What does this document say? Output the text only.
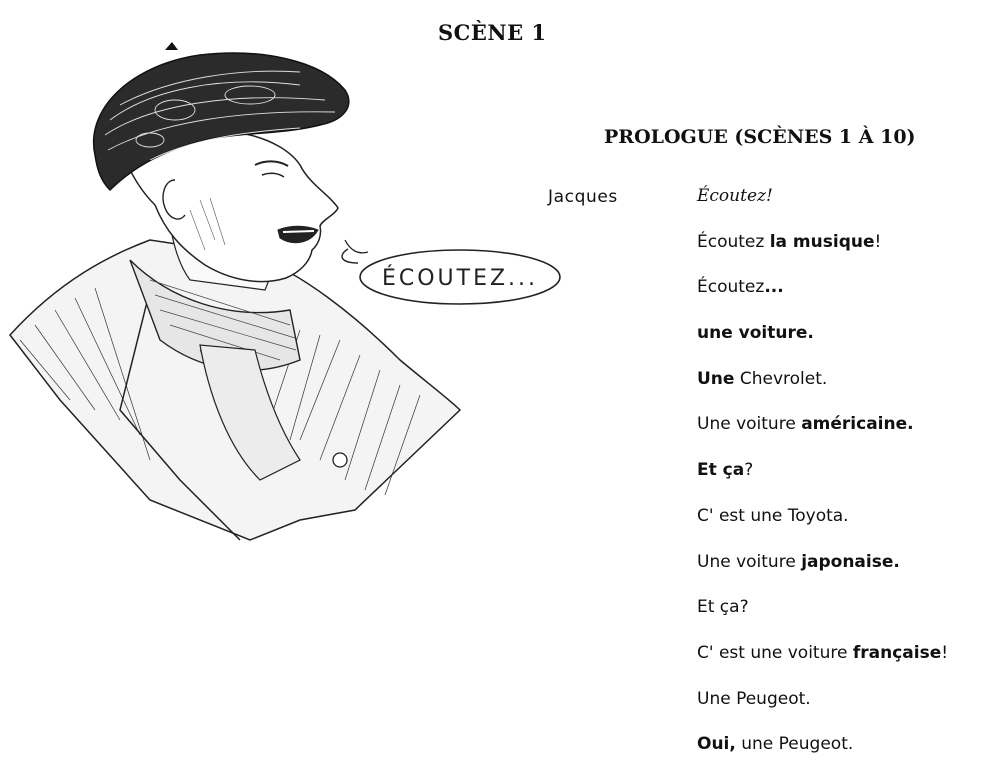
SCÈNE 1
ÉCOUTEZ...
PROLOGUE (SCÈNES 1 À 10)
Jacques	Écoutez!
Écoutez la musique!
Écoutez...
une voiture.
Une Chevrolet.
Une voiture américaine.
Et ça?
C' est une Toyota.
Une voiture japonaise.
Et ça?
C' est une voiture française!
Une Peugeot.
Oui, une Peugeot.
